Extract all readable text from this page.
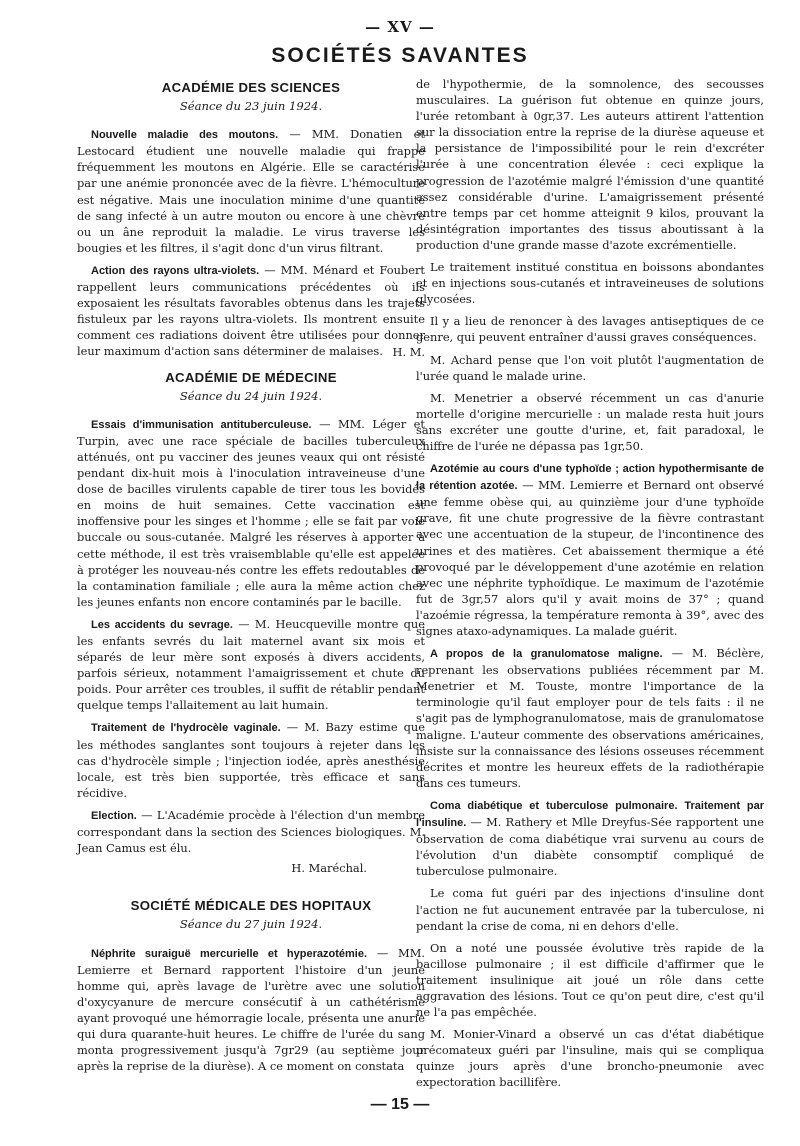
— XV —
SOCIÉTÉS SAVANTES
ACADÉMIE DES SCIENCES
Séance du 23 juin 1924.

Nouvelle maladie des moutons. — MM. Donatien et Lestocard étudient une nouvelle maladie qui frappe fréquemment les moutons en Algérie. Elle se caractérise par une anémie prononcée avec de la fièvre. L'hémoculture est négative. Mais une inoculation minime d'une quantité de sang infecté à un autre mouton ou encore à une chèvre ou un âne reproduit la maladie. Le virus traverse les bougies et les filtres, il s'agit donc d'un virus filtrant.

Action des rayons ultra-violets. — MM. Ménard et Foubert rappellent leurs communications précédentes où ils exposaient les résultats favorables obtenus dans les trajets fistuleux par les rayons ultra-violets. Ils montrent ensuite comment ces radiations doivent être utilisées pour donner leur maximum d'action sans déterminer de malaises. H. M.
ACADÉMIE DE MÉDECINE
Séance du 24 juin 1924.

Essais d'immunisation antituberculeuse. — MM. Léger et Turpin, avec une race spéciale de bacilles tuberculeux atténués, ont pu vacciner des jeunes veaux qui ont résisté pendant dix-huit mois à l'inoculation intraveineuse d'une dose de bacilles virulents capable de tirer tous les bovidés en moins de huit semaines. Cette vaccination est inoffensive pour les singes et l'homme ; elle se fait par voie buccale ou sous-cutanée. Malgré les réserves à apporter à cette méthode, il est très vraisemblable qu'elle est appelée à protéger les nouveau-nés contre les effets redoutables de la contamination familiale ; elle aura la même action chez les jeunes enfants non encore contaminés par le bacille.

Les accidents du sevrage. — M. Heucqueville montre que les enfants sevrés du lait maternel avant six mois et séparés de leur mère sont exposés à divers accidents, parfois sérieux, notamment l'amaigrissement et chute du poids. Pour arrêter ces troubles, il suffit de rétablir pendant quelque temps l'allaitement au lait humain.

Traitement de l'hydrocèle vaginale. — M. Bazy estime que les méthodes sanglantes sont toujours à rejeter dans les cas d'hydrocèle simple ; l'injection iodée, après anesthésie locale, est très bien supportée, très efficace et sans récidive.

Election. — L'Académie procède à l'élection d'un membre correspondant dans la section des Sciences biologiques. M. Jean Camus est élu.

H. Maréchal.
SOCIÉTÉ MÉDICALE DES HOPITAUX
Séance du 27 juin 1924.

Néphrite suraiguë mercurielle et hyperazotémie. — MM. Lemierre et Bernard rapportent l'histoire d'un jeune homme qui, après lavage de l'urètre avec une solution d'oxycyanure de mercure consécutif à un cathétérisme ayant provoqué une hémorragie locale, présenta une anurie qui dura quarante-huit heures. Le chiffre de l'urée du sang monta progressivement jusqu'à 7gr29 (au septième jour après la reprise de la diurèse). A ce moment on constata

de l'hypothermie, de la somnolence, des secousses musculaires. La guérison fut obtenue en quinze jours, l'urée retombant à 0gr,37. Les auteurs attirent l'attention sur la dissociation entre la reprise de la diurèse aqueuse et la persistance de l'impossibilité pour le rein d'excréter l'urée à une concentration élevée : ceci explique la progression de l'azotémie malgré l'émission d'une quantité assez considérable d'urine. L'amaigrissement présenté entre temps par cet homme atteignit 9 kilos, prouvant la désintégration importantes des tissus aboutissant à la production d'une grande masse d'azote excrémentielle.

Le traitement institué constitua en boissons abondantes et en injections sous-cutanés et intraveineuses de solutions glycosées.

Il y a lieu de renoncer à des lavages antiseptiques de ce genre, qui peuvent entraîner d'aussi graves conséquences.

M. Achard pense que l'on voit plutôt l'augmentation de l'urée quand le malade urine.

M. Menetrier a observé récemment un cas d'anurie mortelle d'origine mercurielle : un malade resta huit jours sans excréter une goutte d'urine, et, fait paradoxal, le chiffre de l'urée ne dépassa pas 1gr,50.

Azotémie au cours d'une typhoïde ; action hypothermisante de la rétention azotée. — MM. Lemierre et Bernard ont observé une femme obèse qui, au quinzième jour d'une typhoïde grave, fit une chute progressive de la fièvre contrastant avec une accentuation de la stupeur, de l'incontinence des urines et des matières. Cet abaissement thermique a été provoqué par le développement d'une azotémie en relation avec une néphrite typhoïdique. Le maximum de l'azotémie fut de 3gr,57 alors qu'il y avait moins de 37° ; quand l'azoémie régressa, la température remonta à 39°, avec des signes ataxo-adynamiques. La malade guérit.

A propos de la granulomatose maligne. — M. Béclère, reprenant les observations publiées récemment par M. Menetrier et M. Touste, montre l'importance de la terminologie qu'il faut employer pour de tels faits : il ne s'agit pas de lymphogranulomatose, mais de granulomatose maligne. L'auteur commente des observations américaines, insiste sur la connaissance des lésions osseuses récemment décrites et montre les heureux effets de la radiothérapie dans ces tumeurs.

Coma diabétique et tuberculose pulmonaire. Traitement par l'insuline. — M. Rathery et Mlle Dreyfus-Sée rapportent une observation de coma diabétique vrai survenu au cours de l'évolution d'un diabète consomptif compliqué de tuberculose pulmonaire.

Le coma fut guéri par des injections d'insuline dont l'action ne fut aucunement entravée par la tuberculose, ni pendant la crise de coma, ni en dehors d'elle.

On a noté une poussée évolutive très rapide de la bacillose pulmonaire ; il est difficile d'affirmer que le traitement insulinique ait joué un rôle dans cette aggravation des lésions. Tout ce qu'on peut dire, c'est qu'il ne l'a pas empêchée.

M. Monier-Vinard a observé un cas d'état diabétique précomateux guéri par l'insuline, mais qui se compliqua quinze jours après d'une broncho-pneumonie avec expectoration bacillifère.

— 15 —
